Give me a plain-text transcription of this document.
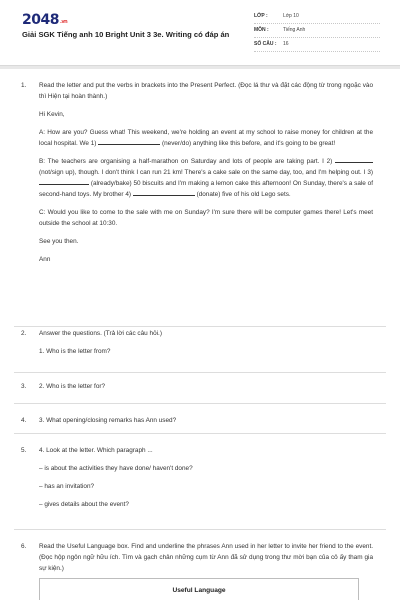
2048.vn
Giải SGK Tiếng anh 10 Bright Unit 3 3e. Writing có đáp án
LỚP :	Lớp 10
MÔN :	Tiếng Anh
SỐ CÂU : 16
1. Read the letter and put the verbs in brackets into the Present Perfect. (Đọc lá thư và đặt các động từ trong ngoặc vào thì Hiện tại hoàn thành.)

Hi Kevin,

A: How are you? Guess what! This weekend, we're holding an event at my school to raise money for children at the local hospital. We 1)	(never/do) anything like this before, and it's going to be great!

B: The teachers are organising a half-marathon on Saturday and lots of people are taking part. I 2)  (not/sign up), though. I don't think I can run 21 km! There's a cake sale on the same day, too, and I'm helping out. I 3)  (already/bake) 50 biscuits and I'm making a lemon cake this afternoon! On Sunday, there's a sale of second-hand toys. My brother 4)	(donate) five of his old Lego sets.

C: Would you like to come to the sale with me on Sunday? I'm sure there will be computer games there! Let's meet outside the school at 10:30.

See you then.

Ann

2. Answer the questions. (Trả lời các câu hỏi.)

1. Who is the letter from?

3. 2. Who is the letter for?

4. 3. What opening/closing remarks has Ann used?

5. 4. Look at the letter. Which paragraph ...

– is about the activities they have done/ haven't done?

– has an invitation?

– gives details about the event?

6. Read the Useful Language box. Find and underline the phrases Ann used in her letter to invite her friend to the event. (Đọc hộp ngôn ngữ hữu ích. Tìm và gạch chân những cụm từ Ann đã sử dụng trong thư mời bạn của cô ấy tham gia sự kiện.)

Useful Language
